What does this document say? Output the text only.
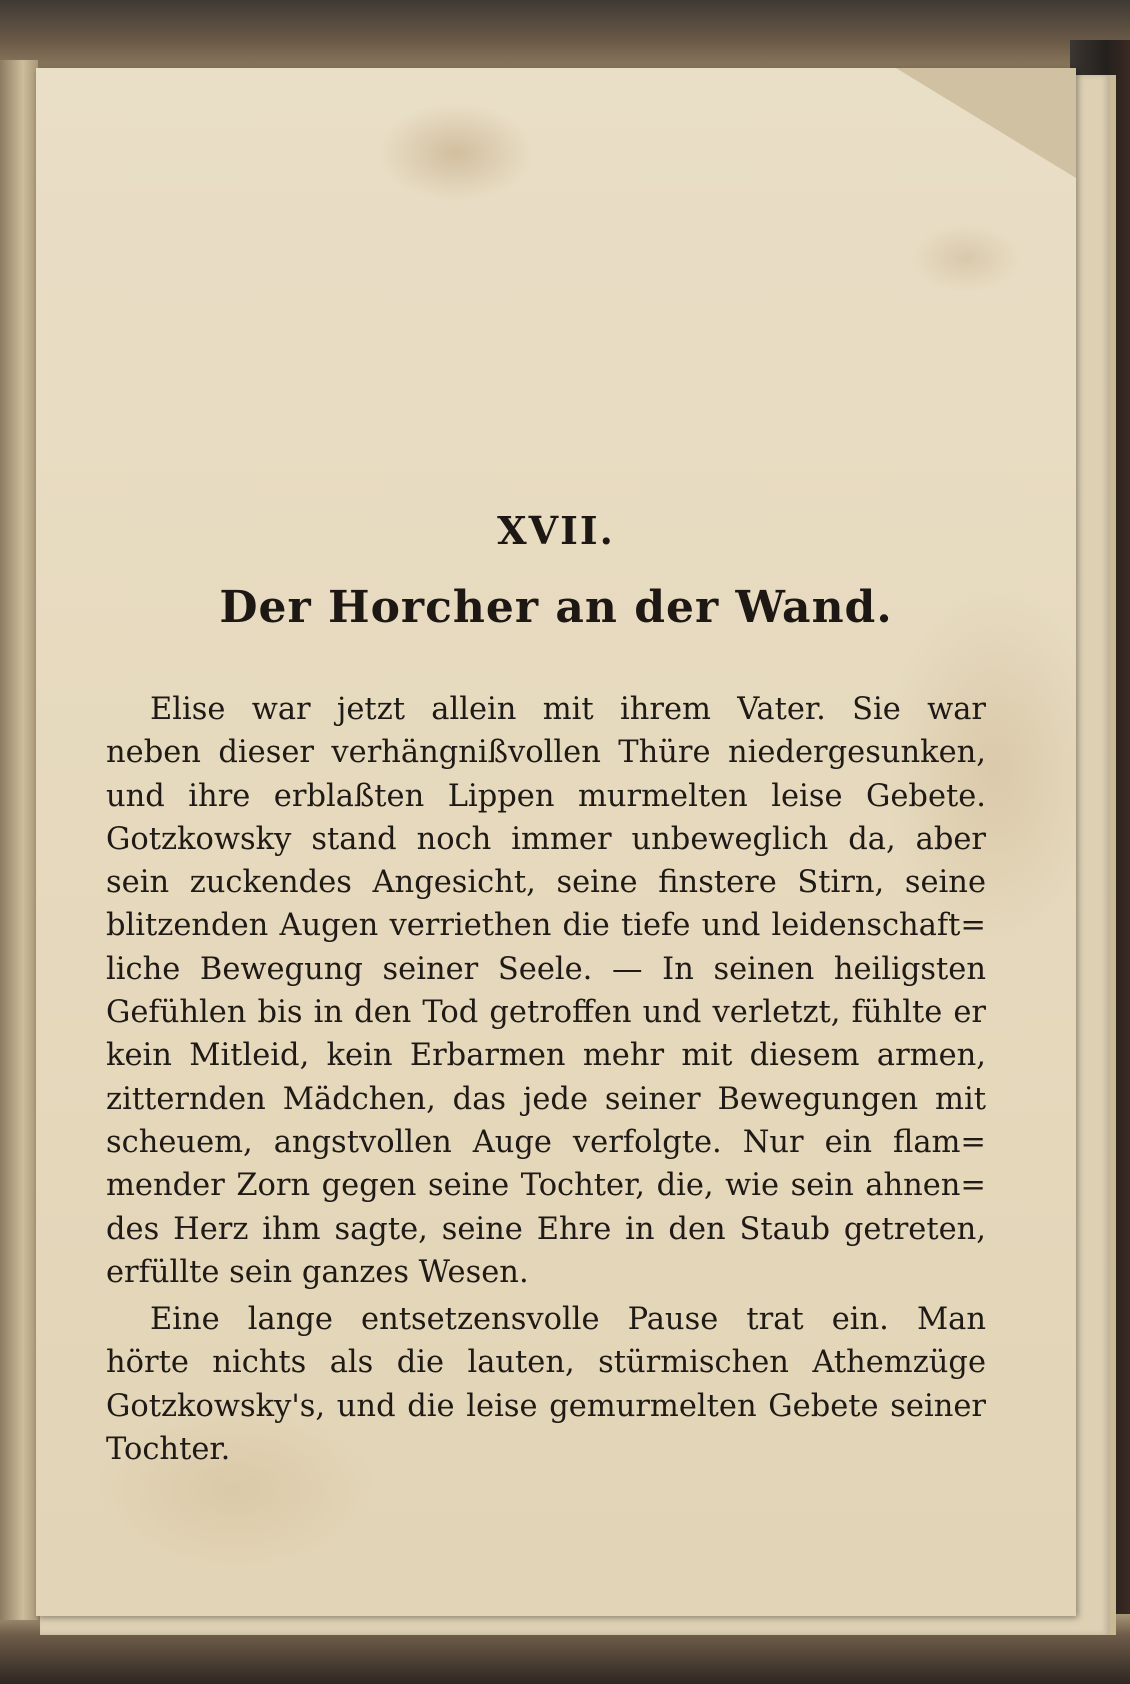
XVII.
Der Horcher an der Wand.
Elise war jetzt allein mit ihrem Vater. Sie war
neben dieser verhängnißvollen Thüre niedergesunken,
und ihre erblaßten Lippen murmelten leise Gebete.
Gotzkowsky stand noch immer unbeweglich da, aber
sein zuckendes Angesicht, seine finstere Stirn, seine
blitzenden Augen verriethen die tiefe und leidenschaft=
liche Bewegung seiner Seele. — In seinen heiligsten
Gefühlen bis in den Tod getroffen und verletzt, fühlte er
kein Mitleid, kein Erbarmen mehr mit diesem armen,
zitternden Mädchen, das jede seiner Bewegungen mit
scheuem, angstvollen Auge verfolgte. Nur ein flam=
mender Zorn gegen seine Tochter, die, wie sein ahnen=
des Herz ihm sagte, seine Ehre in den Staub getreten,
erfüllte sein ganzes Wesen.
Eine lange entsetzensvolle Pause trat ein. Man
hörte nichts als die lauten, stürmischen Athemzüge
Gotzkowsky's, und die leise gemurmelten Gebete seiner
Tochter.
